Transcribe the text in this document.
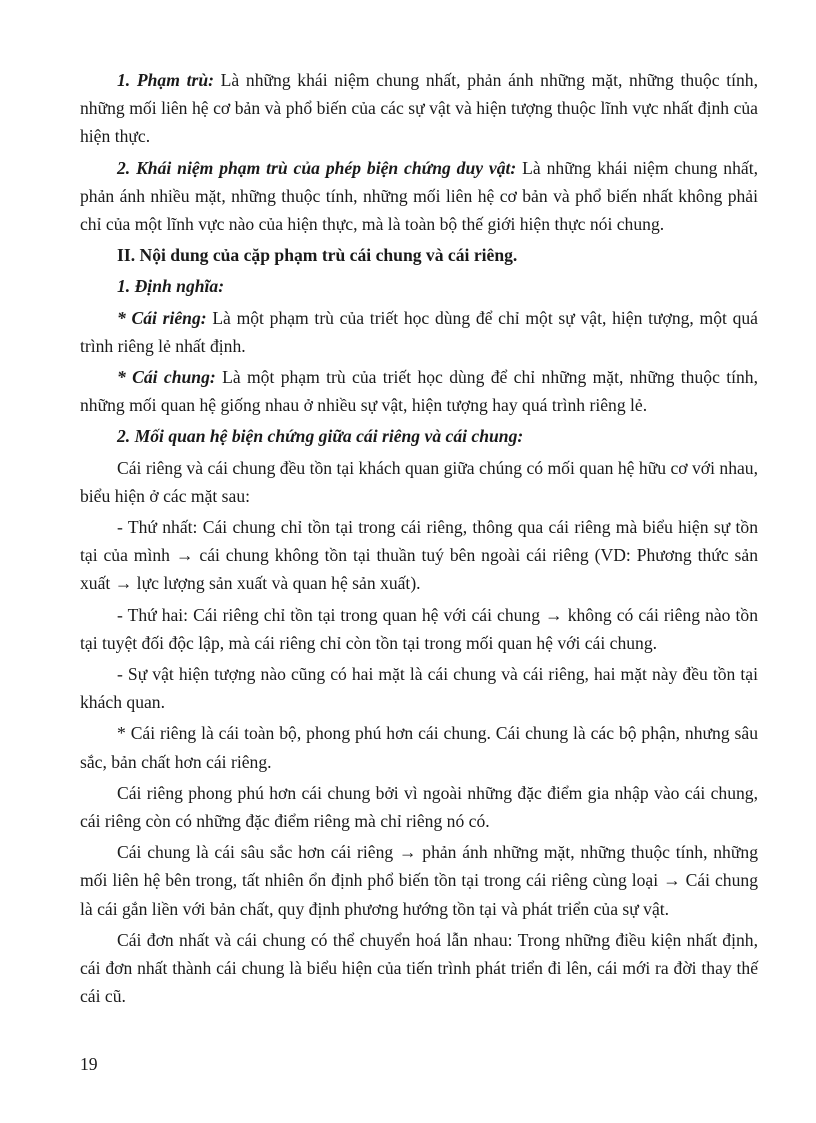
1. Phạm trù: Là những khái niệm chung nhất, phản ánh những mặt, những thuộc tính, những mối liên hệ cơ bản và phổ biến của các sự vật và hiện tượng thuộc lĩnh vực nhất định của hiện thực.

2. Khái niệm phạm trù của phép biện chứng duy vật: Là những khái niệm chung nhất, phản ánh nhiều mặt, những thuộc tính, những mối liên hệ cơ bản và phổ biến nhất không phải chỉ của một lĩnh vực nào của hiện thực, mà là toàn bộ thế giới hiện thực nói chung.

II. Nội dung của cặp phạm trù cái chung và cái riêng.

1. Định nghĩa:

* Cái riêng: Là một phạm trù của triết học dùng để chỉ một sự vật, hiện tượng, một quá trình riêng lẻ nhất định.

* Cái chung: Là một phạm trù của triết học dùng để chỉ những mặt, những thuộc tính, những mối quan hệ giống nhau ở nhiều sự vật, hiện tượng hay quá trình riêng lẻ.

2. Mối quan hệ biện chứng giữa cái riêng và cái chung:

Cái riêng và cái chung đều tồn tại khách quan giữa chúng có mối quan hệ hữu cơ với nhau, biểu hiện ở các mặt sau:

- Thứ nhất: Cái chung chỉ tồn tại trong cái riêng, thông qua cái riêng mà biểu hiện sự tồn tại của mình → cái chung không tồn tại thuần tuý bên ngoài cái riêng (VD: Phương thức sản xuất → lực lượng sản xuất và quan hệ sản xuất).

- Thứ hai: Cái riêng chỉ tồn tại trong quan hệ với cái chung → không có cái riêng nào tồn tại tuyệt đối độc lập, mà cái riêng chỉ còn tồn tại trong mối quan hệ với cái chung.

- Sự vật hiện tượng nào cũng có hai mặt là cái chung và cái riêng, hai mặt này đều tồn tại khách quan.

* Cái riêng là cái toàn bộ, phong phú hơn cái chung. Cái chung là các bộ phận, nhưng sâu sắc, bản chất hơn cái riêng.

Cái riêng phong phú hơn cái chung bởi vì ngoài những đặc điểm gia nhập vào cái chung, cái riêng còn có những đặc điểm riêng mà chỉ riêng nó có.

Cái chung là cái sâu sắc hơn cái riêng → phản ánh những mặt, những thuộc tính, những mối liên hệ bên trong, tất nhiên ổn định phổ biến tồn tại trong cái riêng cùng loại → Cái chung là cái gắn liền với bản chất, quy định phương hướng tồn tại và phát triển của sự vật.

Cái đơn nhất và cái chung có thể chuyển hoá lẫn nhau: Trong những điều kiện nhất định, cái đơn nhất thành cái chung là biểu hiện của tiến trình phát triển đi lên, cái mới ra đời thay thế cái cũ.

19
